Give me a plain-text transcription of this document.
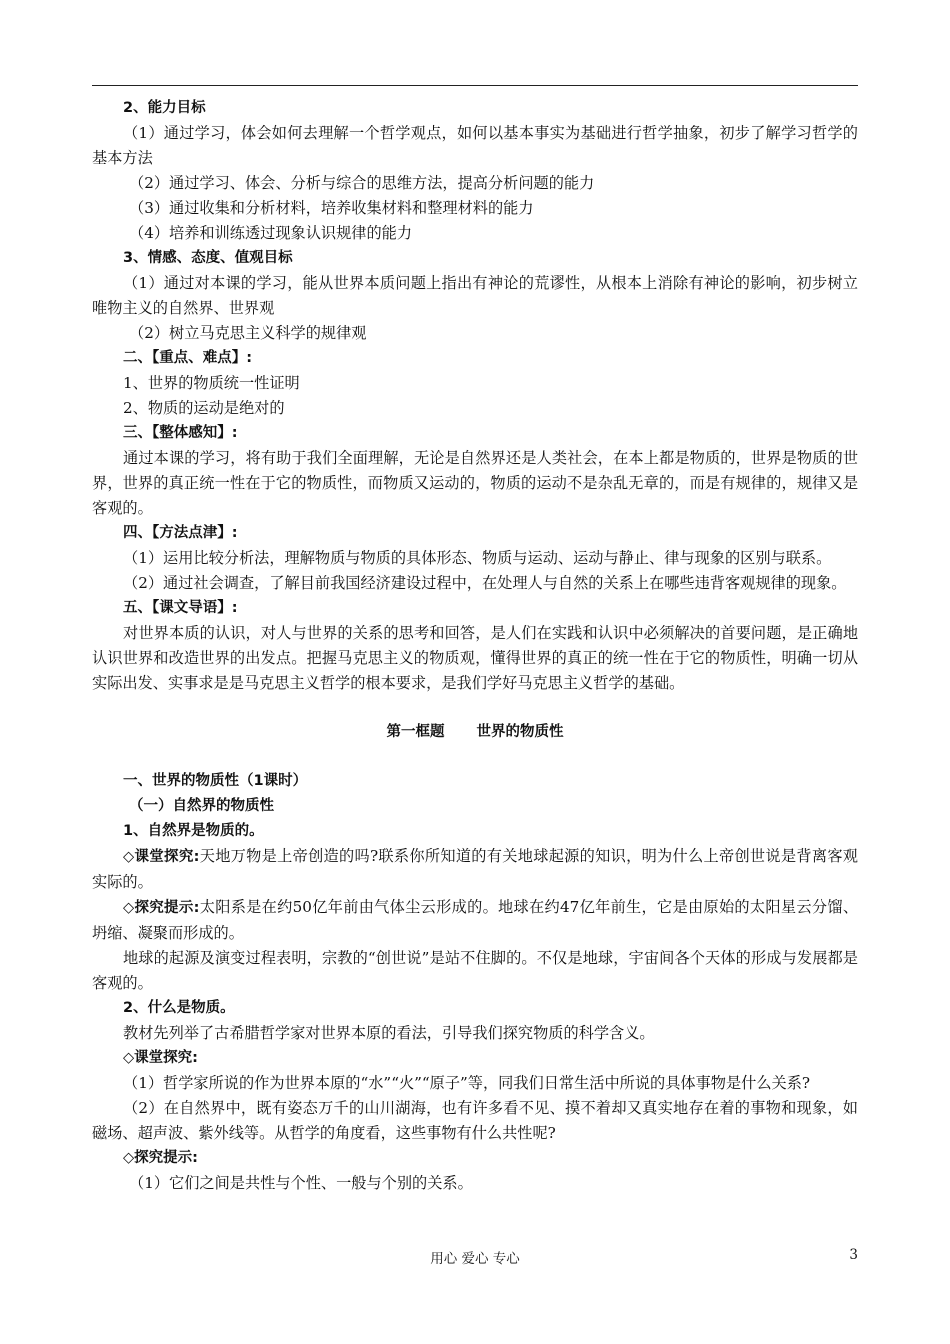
2、能力目标

（1）通过学习，体会如何去理解一个哲学观点，如何以基本事实为基础进行哲学抽象，初步了解学习哲学的基本方法

（2）通过学习、体会、分析与综合的思维方法，提高分析问题的能力

（3）通过收集和分析材料，培养收集材料和整理材料的能力

（4）培养和训练透过现象认识规律的能力

3、情感、态度、值观目标

（1）通过对本课的学习，能从世界本质问题上指出有神论的荒谬性，从根本上消除有神论的影响，初步树立唯物主义的自然界、世界观

（2）树立马克思主义科学的规律观

二、【重点、难点】:

1、世界的物质统一性证明

2、物质的运动是绝对的

三、【整体感知】:

通过本课的学习，将有助于我们全面理解，无论是自然界还是人类社会，在本上都是物质的，世界是物质的世界，世界的真正统一性在于它的物质性，而物质又运动的，物质的运动不是杂乱无章的，而是有规律的，规律又是客观的。

四、【方法点津】:

（1）运用比较分析法，理解物质与物质的具体形态、物质与运动、运动与静止、律与现象的区别与联系。

（2）通过社会调查，了解目前我国经济建设过程中，在处理人与自然的关系上在哪些违背客观规律的现象。

五、【课文导语】:

对世界本质的认识，对人与世界的关系的思考和回答，是人们在实践和认识中必须解决的首要问题，是正确地认识世界和改造世界的出发点。把握马克思主义的物质观，懂得世界的真正的统一性在于它的物质性，明确一切从实际出发、实事求是是马克思主义哲学的根本要求，是我们学好马克思主义哲学的基础。

第一框题 世界的物质性

一、世界的物质性（1课时）

（一）自然界的物质性

1、自然界是物质的。

◇课堂探究:天地万物是上帝创造的吗?联系你所知道的有关地球起源的知识，明为什么上帝创世说是背离客观实际的。

◇探究提示:太阳系是在约50亿年前由气体尘云形成的。地球在约47亿年前生，它是由原始的太阳星云分馏、坍缩、凝聚而形成的。

地球的起源及演变过程表明，宗教的“创世说”是站不住脚的。不仅是地球，宇宙间各个天体的形成与发展都是客观的。

2、什么是物质。

教材先列举了古希腊哲学家对世界本原的看法，引导我们探究物质的科学含义。

◇课堂探究:

（1）哲学家所说的作为世界本原的“水”“火”“原子”等，同我们日常生活中所说的具体事物是什么关系?

（2）在自然界中，既有姿态万千的山川湖海，也有许多看不见、摸不着却又真实地存在着的事物和现象，如磁场、超声波、紫外线等。从哲学的角度看，这些事物有什么共性呢?

◇探究提示:

（1）它们之间是共性与个性、一般与个别的关系。

用心 爱心 专心	3
